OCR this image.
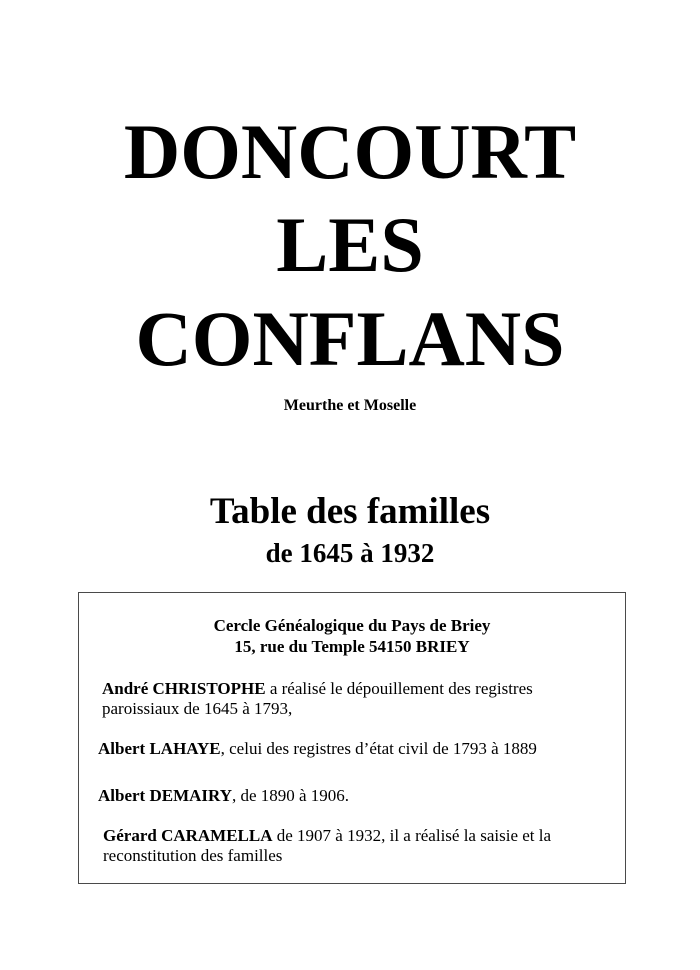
DONCOURT
LES
CONFLANS
Meurthe et Moselle
Table des familles
de 1645 à 1932
Cercle Généalogique du Pays de Briey
15, rue du Temple 54150 BRIEY
André CHRISTOPHE a réalisé le dépouillement des registres
paroissiaux de 1645 à 1793,
Albert LAHAYE, celui des registres d’état civil de 1793 à 1889
Albert DEMAIRY, de 1890 à 1906.
Gérard CARAMELLA de 1907 à 1932, il a réalisé la saisie et la
reconstitution des familles
